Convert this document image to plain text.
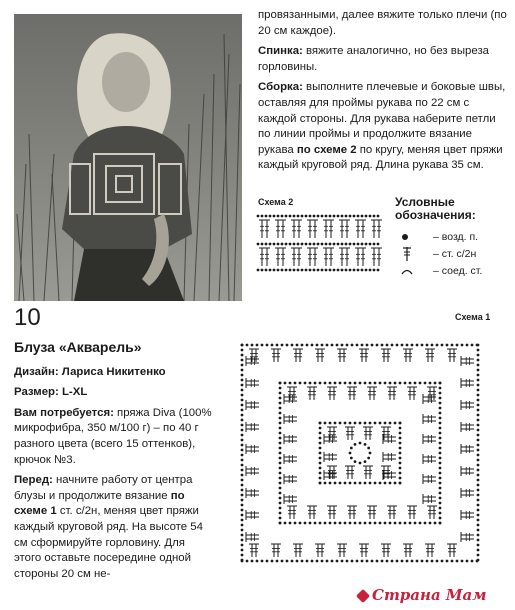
провязанными, далее вяжите только плечи (по 20 см каждое).

Спинка: вяжите аналогично, но без выреза горловины.

Сборка: выполните плечевые и боковые швы, оставляя для проймы рукава по 22 см с каждой стороны. Для рукава наберите петли по линии проймы и продолжите вязание рукава по схеме 2 по кругу, меняя цвет пряжи каждый круговой ряд. Длина рукава 35 см.

Схема 2	Условные
обозначения:
– возд. п.
– ст. с/2н
– соед. ст.
10
Блуза «Акварель»

Дизайн: Лариса Никитенко

Размер: L-XL

Вам потребуется: пряжа Diva (100% микрофибра, 350 м/100 г) – по 40 г разного цвета (всего 15 оттенков), крючок №3.

Перед: начните работу от центра блузы и продолжите вязание по схеме 1 ст. с/2н, меняя цвет пряжи каждый круговой ряд. На высоте 54 см сформируйте горловину. Для этого оставьте посередине одной стороны 20 см не-

Схема 1
Страна Мам
